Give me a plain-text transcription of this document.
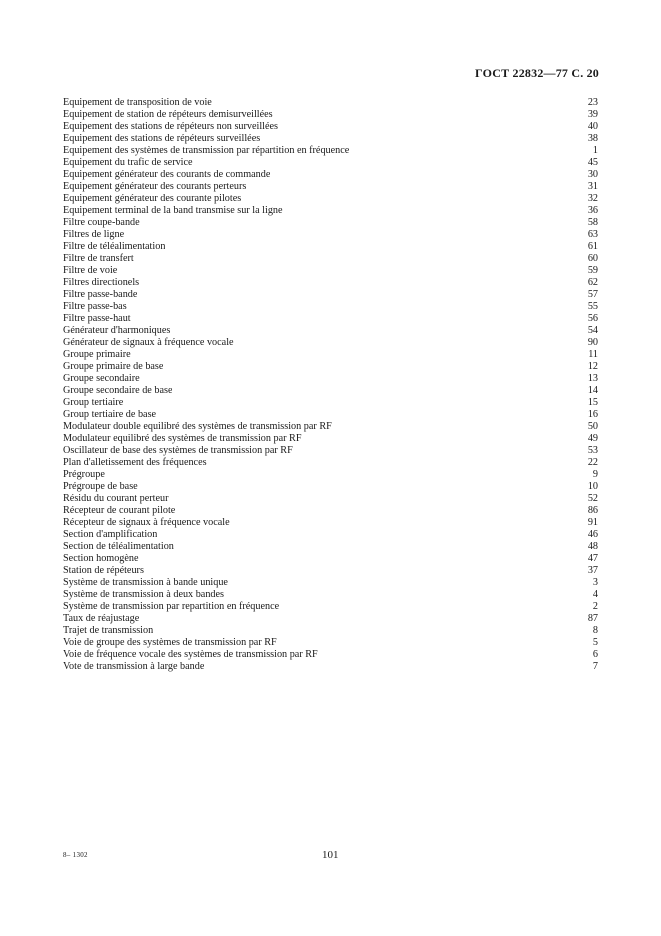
ГОСТ 22832—77 С. 20
Equipement de transposition de voie	23
Equipement de station de répéteurs demisurveillées	39
Equipement des stations de répéteurs non surveillées	40
Equipement des stations de répéteurs surveillées	38
Equipement des systèmes de transmission par répartition en fréquence	1
Equipement du trafic de service	45
Equipement générateur des courants de commande	30
Equipement générateur des courants perteurs	31
Equipement générateur des courante pilotes	32
Equipement terminal de la band transmise sur la ligne	36
Filtre coupe-bande	58
Filtres de ligne	63
Filtre de téléalimentation	61
Filtre de transfert	60
Filtre de voie	59
Filtres directionels	62
Filtre passe-bande	57
Filtre passe-bas	55
Filtre passe-haut	56
Générateur d'harmoniques	54
Générateur de signaux à fréquence vocale	90
Groupe primaire	11
Groupe primaire de base	12
Groupe secondaire	13
Groupe secondaire de base	14
Group tertiaire	15
Group tertiaire de base	16
Modulateur double equilibré des systèmes de transmission par RF	50
Modulateur equilibré des systèmes de transmission par RF	49
Oscillateur de base des systèmes de transmission par RF	53
Plan d'alletissement des fréquences	22
Prégroupe	9
Prégroupe de base	10
Résidu du courant perteur	52
Récepteur de courant pilote	86
Récepteur de signaux à fréquence vocale	91
Section d'amplification	46
Section de téléalimentation	48
Section homogène	47
Station de répéteurs	37
Système de transmission à bande unique	3
Système de transmission à deux bandes	4
Système de transmission par repartition en fréquence	2
Taux de réajustage	87
Trajet de transmission	8
Voie de groupe des systèmes de transmission par RF	5
Voie de fréquence vocale des systèmes de transmission par RF	6
Vote de transmission à large bande	7
8– 1302	101
